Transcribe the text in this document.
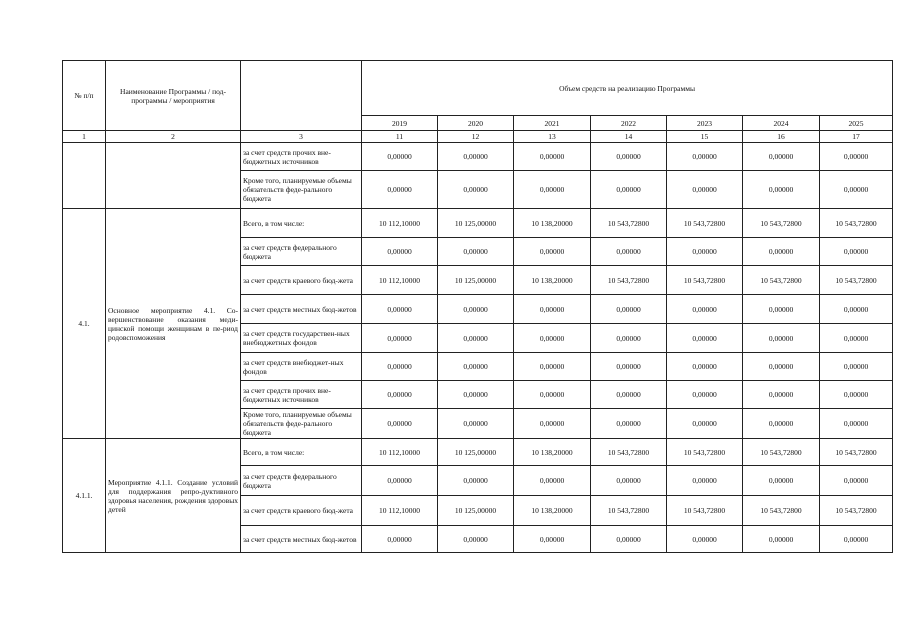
№ п/п	Наименование Программы / под-программы / мероприятия		Объем средств на реализацию Программы						
			2019	2020	2021	2022	2023	2024	2025
1	2	3	11	12	13	14	15	16	17
		за счет средств прочих вне-бюджетных источников	0,00000	0,00000	0,00000	0,00000	0,00000	0,00000	0,00000
		Кроме того, планируемые объемы обязательств феде-рального бюджета	0,00000	0,00000	0,00000	0,00000	0,00000	0,00000	0,00000
4.1.	Основное мероприятие 4.1. Со-вершенствование оказания меди-цинской помощи женщинам в пе-риод родовспоможения	Всего, в том числе:	10 112,10000	10 125,00000	10 138,20000	10 543,72800	10 543,72800	10 543,72800	10 543,72800
		за счет средств федерального бюджета	0,00000	0,00000	0,00000	0,00000	0,00000	0,00000	0,00000
		за счет средств краевого бюд-жета	10 112,10000	10 125,00000	10 138,20000	10 543,72800	10 543,72800	10 543,72800	10 543,72800
		за счет средств местных бюд-жетов	0,00000	0,00000	0,00000	0,00000	0,00000	0,00000	0,00000
		за счет средств государствен-ных внебюджетных фондов	0,00000	0,00000	0,00000	0,00000	0,00000	0,00000	0,00000
		за счет средств внебюджет-ных фондов	0,00000	0,00000	0,00000	0,00000	0,00000	0,00000	0,00000
		за счет средств прочих вне-бюджетных источников	0,00000	0,00000	0,00000	0,00000	0,00000	0,00000	0,00000
		Кроме того, планируемые объемы обязательств феде-рального бюджета	0,00000	0,00000	0,00000	0,00000	0,00000	0,00000	0,00000
4.1.1.	Мероприятие 4.1.1. Создание условий для поддержания репро-дуктивного здоровья населения, рождения здоровых детей	Всего, в том числе:	10 112,10000	10 125,00000	10 138,20000	10 543,72800	10 543,72800	10 543,72800	10 543,72800
		за счет средств федерального бюджета	0,00000	0,00000	0,00000	0,00000	0,00000	0,00000	0,00000
		за счет средств краевого бюд-жета	10 112,10000	10 125,00000	10 138,20000	10 543,72800	10 543,72800	10 543,72800	10 543,72800
		за счет средств местных бюд-жетов	0,00000	0,00000	0,00000	0,00000	0,00000	0,00000	0,00000
